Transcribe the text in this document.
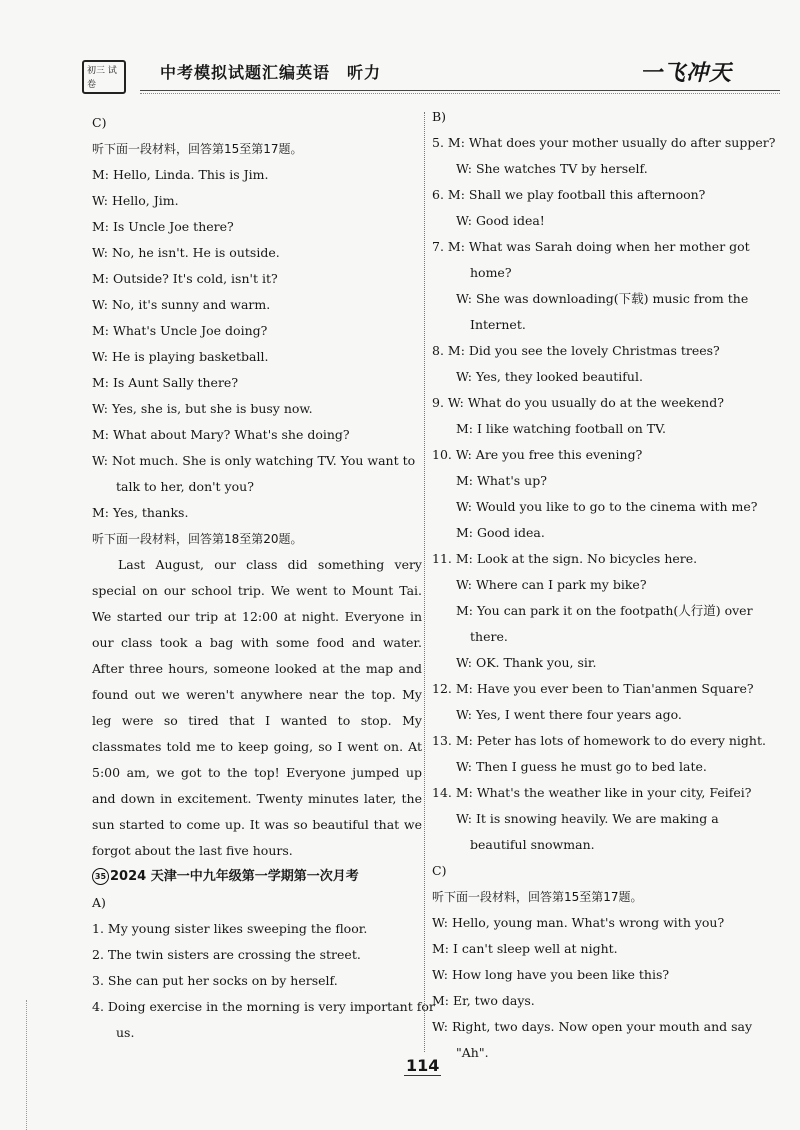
初三 试卷
中考模拟试题汇编英语　听力	一飞冲天
C)
听下面一段材料，回答第15至第17题。
M: Hello, Linda. This is Jim.
W: Hello, Jim.
M: Is Uncle Joe there?
W: No, he isn't. He is outside.
M: Outside? It's cold, isn't it?
W: No, it's sunny and warm.
M: What's Uncle Joe doing?
W: He is playing basketball.
M: Is Aunt Sally there?
W: Yes, she is, but she is busy now.
M: What about Mary? What's she doing?
W: Not much. She is only watching TV. You want to
talk to her, don't you?
M: Yes, thanks.
听下面一段材料，回答第18至第20题。

Last August, our class did something very special on our school trip. We went to Mount Tai. We started our trip at 12:00 at night. Everyone in our class took a bag with some food and water. After three hours, someone looked at the map and found out we weren't anywhere near the top. My leg were so tired that I wanted to stop. My classmates told me to keep going, so I went on. At 5:00 am, we got to the top! Everyone jumped up and down in excitement. Twenty minutes later, the sun started to come up. It was so beautiful that we forgot about the last five hours.

35 2024 天津一中九年级第一学期第一次月考
A)
1. My young sister likes sweeping the floor.
2. The twin sisters are crossing the street.
3. She can put her socks on by herself.
4. Doing exercise in the morning is very important for
us.
B)
5. M: What does your mother usually do after supper?
W: She watches TV by herself.
6. M: Shall we play football this afternoon?
W: Good idea!
7. M: What was Sarah doing when her mother got
home?
W: She was downloading(下载) music from the
Internet.
8. M: Did you see the lovely Christmas trees?
W: Yes, they looked beautiful.
9. W: What do you usually do at the weekend?
M: I like watching football on TV.
10. W: Are you free this evening?
M: What's up?
W: Would you like to go to the cinema with me?
M: Good idea.
11. M: Look at the sign. No bicycles here.
W: Where can I park my bike?
M: You can park it on the footpath(人行道) over
there.
W: OK. Thank you, sir.
12. M: Have you ever been to Tian'anmen Square?
W: Yes, I went there four years ago.
13. M: Peter has lots of homework to do every night.
W: Then I guess he must go to bed late.
14. M: What's the weather like in your city, Feifei?
W: It is snowing heavily. We are making a
beautiful snowman.
C)
听下面一段材料，回答第15至第17题。
W: Hello, young man. What's wrong with you?
M: I can't sleep well at night.
W: How long have you been like this?
M: Er, two days.
W: Right, two days. Now open your mouth and say
"Ah".
114
